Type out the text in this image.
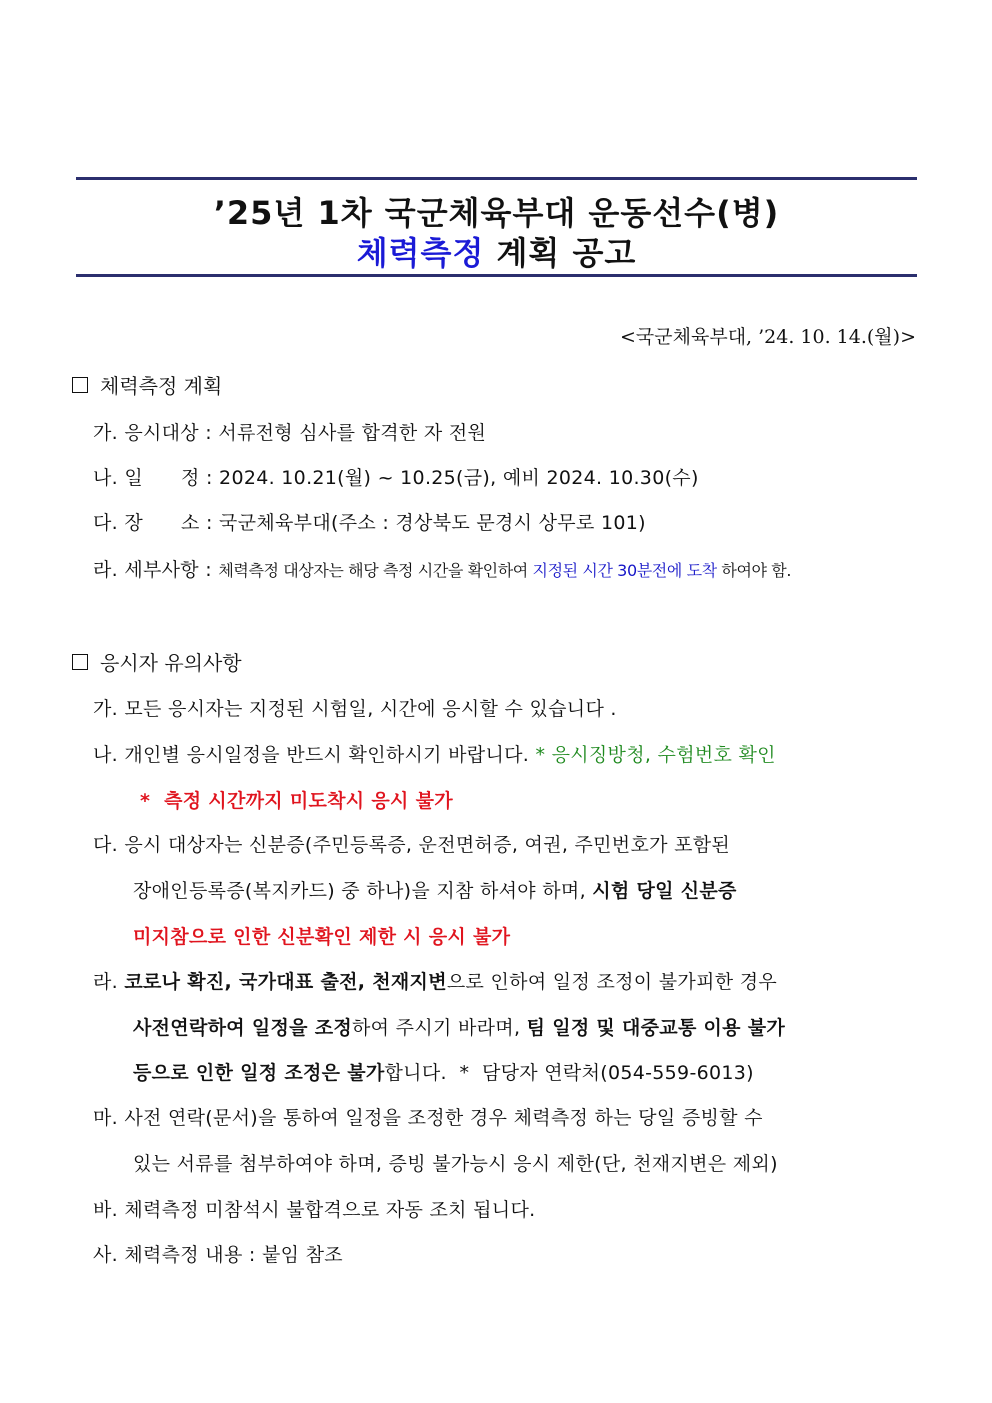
’25년 1차 국군체육부대 운동선수(병)
체력측정 계획 공고
<국군체육부대, ’24. 10. 14.(월)>
체력측정 계획
가. 응시대상 : 서류전형 심사를 합격한 자 전원
나. 일      정 : 2024. 10.21(월) ~ 10.25(금), 예비 2024. 10.30(수)
다. 장      소 : 국군체육부대(주소 : 경상북도 문경시 상무로 101)
라. 세부사항 : 체력측정 대상자는 해당 측정 시간을 확인하여 지정된 시간 30분전에 도착 하여야 함.
응시자 유의사항
가. 모든 응시자는 지정된 시험일, 시간에 응시할 수 있습니다 .
나. 개인별 응시일정을 반드시 확인하시기 바랍니다. * 응시징방청, 수험번호 확인
*  측정 시간까지 미도착시 응시 불가
다. 응시 대상자는 신분증(주민등록증, 운전면허증, 여권, 주민번호가 포함된
장애인등록증(복지카드) 중 하나)을 지참 하셔야 하며, 시험 당일 신분증
미지참으로 인한 신분확인 제한 시 응시 불가
라. 코로나 확진, 국가대표 출전, 천재지변으로 인하여 일정 조정이 불가피한 경우
사전연락하여 일정을 조정하여 주시기 바라며, 팀 일정 및 대중교통 이용 불가
등으로 인한 일정 조정은 불가합니다.  *  담당자 연락처(054-559-6013)
마. 사전 연락(문서)을 통하여 일정을 조정한 경우 체력측정 하는 당일 증빙할 수
있는 서류를 첨부하여야 하며, 증빙 불가능시 응시 제한(단, 천재지변은 제외)
바. 체력측정 미참석시 불합격으로 자동 조치 됩니다.
사. 체력측정 내용 : 붙임 참조
